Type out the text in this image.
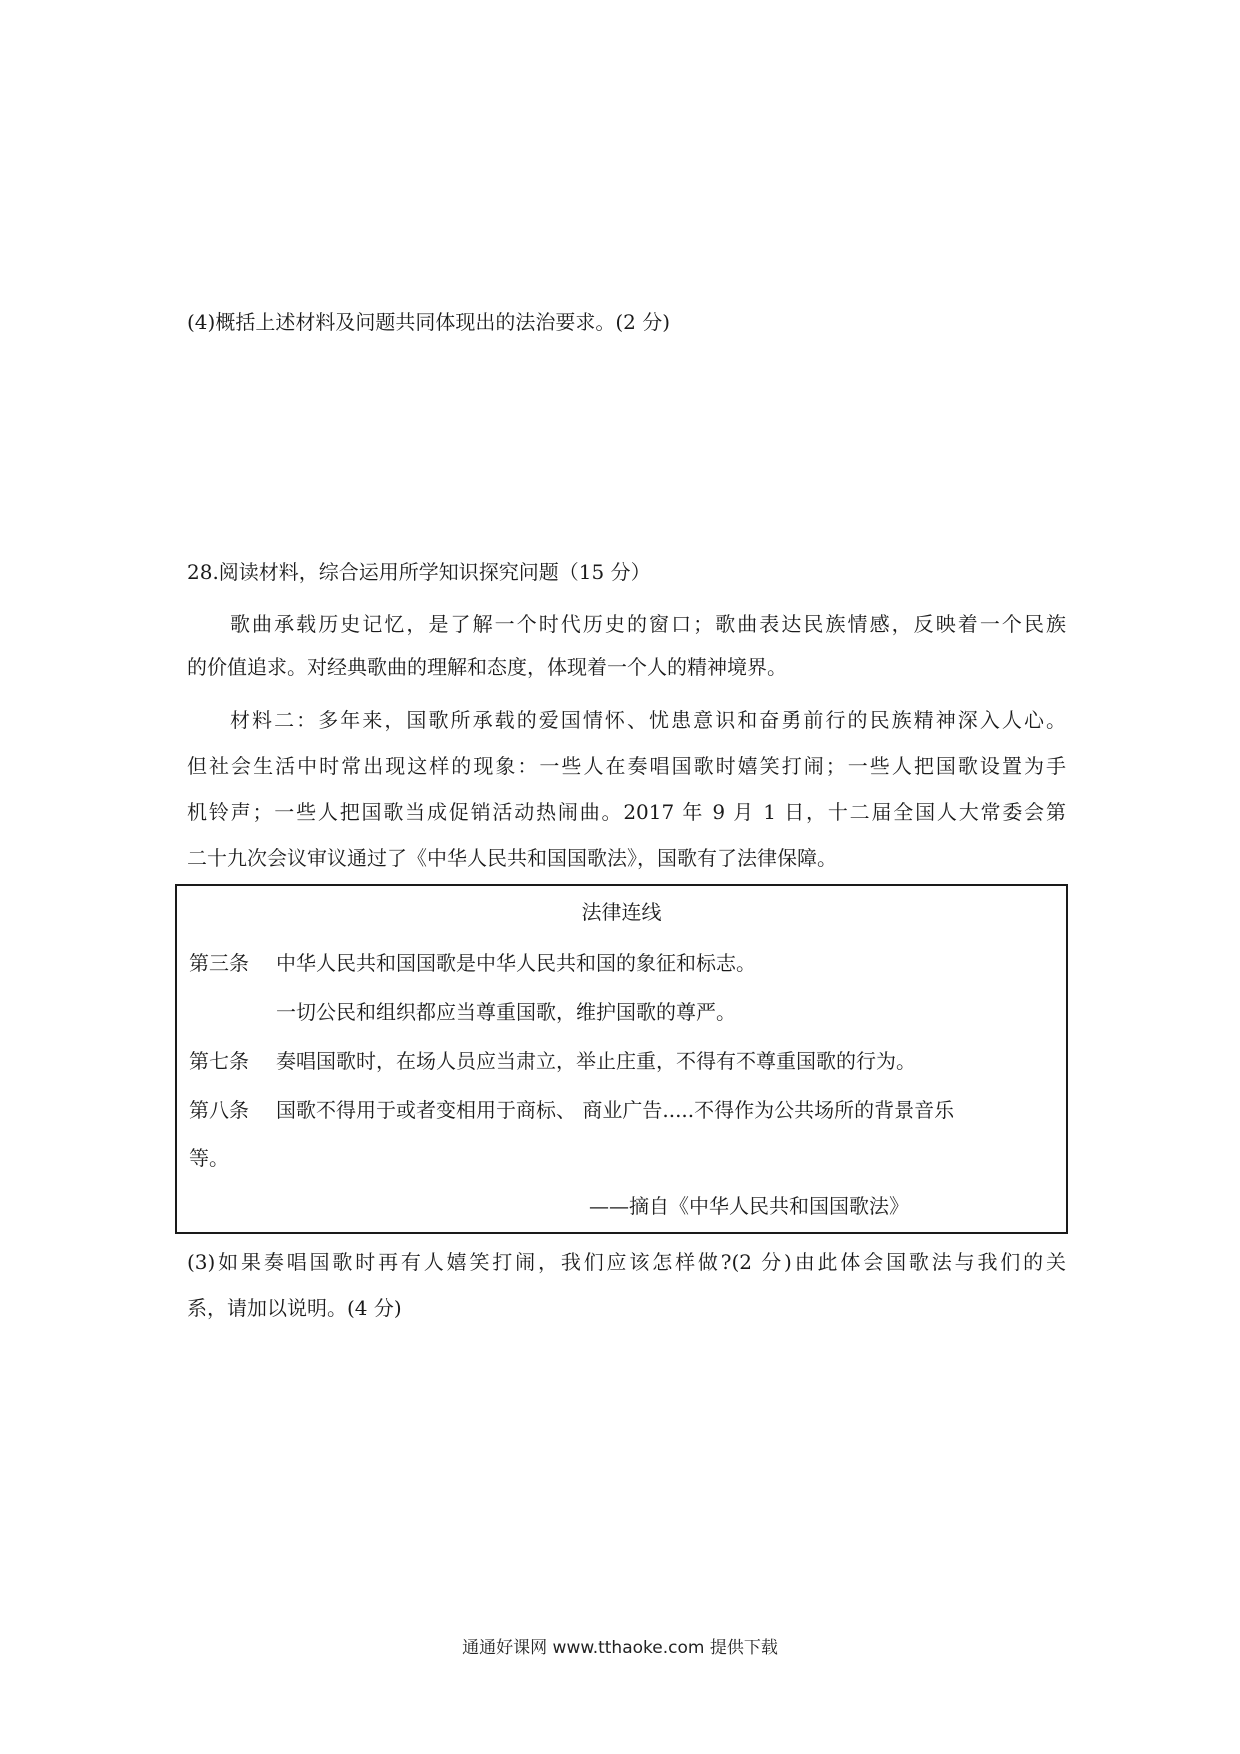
(4)概括上述材料及问题共同体现出的法治要求。(2 分)
28.阅读材料，综合运用所学知识探究问题（15 分）
歌曲承载历史记忆，是了解一个时代历史的窗口；歌曲表达民族情感，反映着一个民族
的价值追求。对经典歌曲的理解和态度，体现着一个人的精神境界。
材料二：多年来，国歌所承载的爱国情怀、忧患意识和奋勇前行的民族精神深入人心。
但社会生活中时常出现这样的现象：一些人在奏唱国歌时嬉笑打闹；一些人把国歌设置为手
机铃声；一些人把国歌当成促销活动热闹曲。2017 年 9 月 1 日，十二届全国人大常委会第
二十九次会议审议通过了《中华人民共和国国歌法》，国歌有了法律保障。
法律连线
第三条 中华人民共和国国歌是中华人民共和国的象征和标志。
一切公民和组织都应当尊重国歌，维护国歌的尊严。
第七条 奏唱国歌时，在场人员应当肃立，举止庄重，不得有不尊重国歌的行为。
第八条 国歌不得用于或者变相用于商标、 商业广告.....不得作为公共场所的背景音乐
等。
——摘自《中华人民共和国国歌法》
(3)如果奏唱国歌时再有人嬉笑打闹，我们应该怎样做?(2 分)由此体会国歌法与我们的关
系，请加以说明。(4 分)
通通好课网 www.tthaoke.com 提供下载
